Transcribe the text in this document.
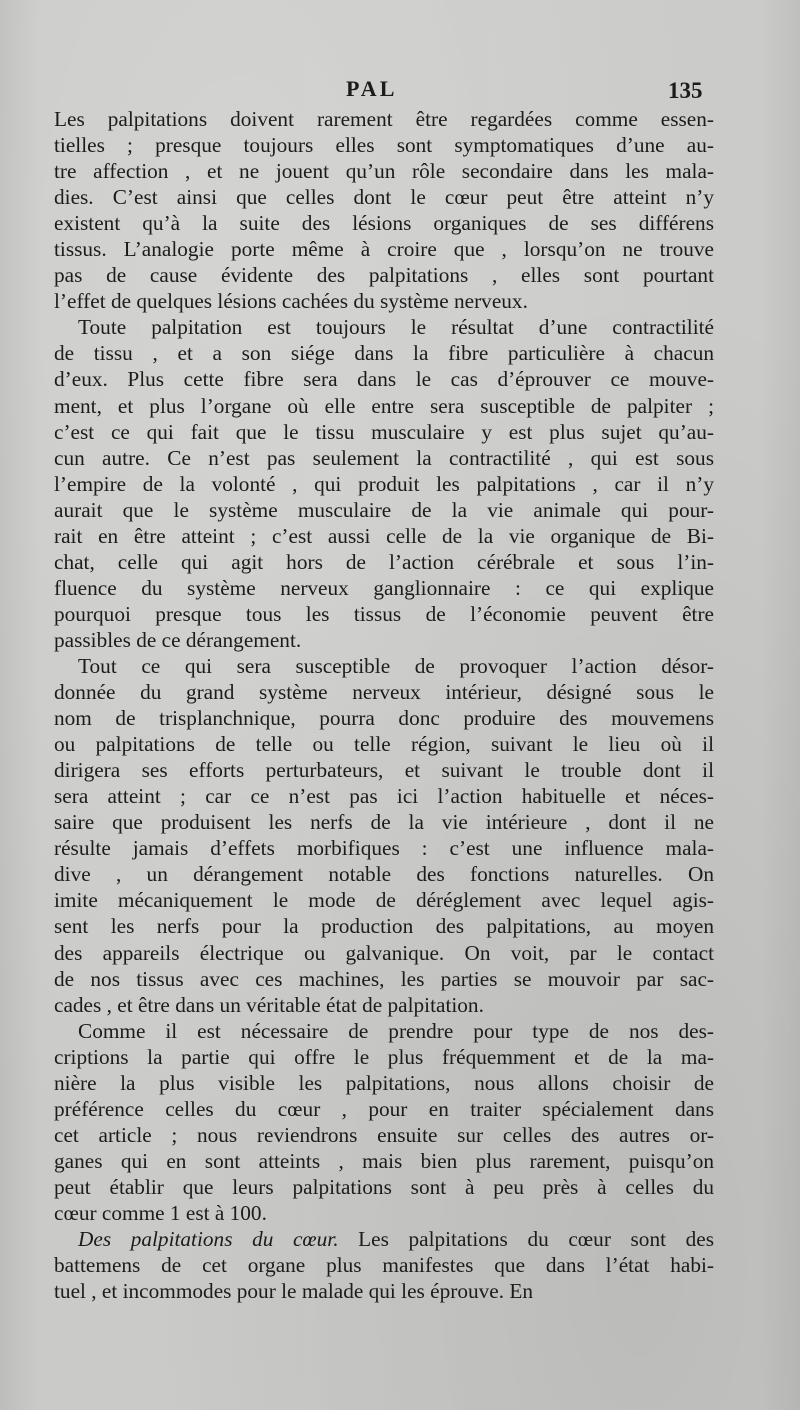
PAL	135
Les palpitations doivent rarement être regardées comme essen-
tielles ; presque toujours elles sont symptomatiques d’une au-
tre affection , et ne jouent qu’un rôle secondaire dans les mala-
dies. C’est ainsi que celles dont le cœur peut être atteint n’y
existent qu’à la suite des lésions organiques de ses différens
tissus. L’analogie porte même à croire que , lorsqu’on ne trouve
pas de cause évidente des palpitations , elles sont pourtant
l’effet de quelques lésions cachées du système nerveux.
Toute palpitation est toujours le résultat d’une contractilité
de tissu , et a son siége dans la fibre particulière à chacun
d’eux. Plus cette fibre sera dans le cas d’éprouver ce mouve-
ment, et plus l’organe où elle entre sera susceptible de palpiter ;
c’est ce qui fait que le tissu musculaire y est plus sujet qu’au-
cun autre. Ce n’est pas seulement la contractilité , qui est sous
l’empire de la volonté , qui produit les palpitations , car il n’y
aurait que le système musculaire de la vie animale qui pour-
rait en être atteint ; c’est aussi celle de la vie organique de Bi-
chat, celle qui agit hors de l’action cérébrale et sous l’in-
fluence du système nerveux ganglionnaire : ce qui explique
pourquoi presque tous les tissus de l’économie peuvent être
passibles de ce dérangement.
Tout ce qui sera susceptible de provoquer l’action désor-
donnée du grand système nerveux intérieur, désigné sous le
nom de trisplanchnique, pourra donc produire des mouvemens
ou palpitations de telle ou telle région, suivant le lieu où il
dirigera ses efforts perturbateurs, et suivant le trouble dont il
sera atteint ; car ce n’est pas ici l’action habituelle et néces-
saire que produisent les nerfs de la vie intérieure , dont il ne
résulte jamais d’effets morbifiques : c’est une influence mala-
dive , un dérangement notable des fonctions naturelles. On
imite mécaniquement le mode de déréglement avec lequel agis-
sent les nerfs pour la production des palpitations, au moyen
des appareils électrique ou galvanique. On voit, par le contact
de nos tissus avec ces machines, les parties se mouvoir par sac-
cades , et être dans un véritable état de palpitation.
Comme il est nécessaire de prendre pour type de nos des-
criptions la partie qui offre le plus fréquemment et de la ma-
nière la plus visible les palpitations, nous allons choisir de
préférence celles du cœur , pour en traiter spécialement dans
cet article ; nous reviendrons ensuite sur celles des autres or-
ganes qui en sont atteints , mais bien plus rarement, puisqu’on
peut établir que leurs palpitations sont à peu près à celles du
cœur comme 1 est à 100.
Des palpitations du cœur. Les palpitations du cœur sont des
battemens de cet organe plus manifestes que dans l’état habi-
tuel , et incommodes pour le malade qui les éprouve. En
